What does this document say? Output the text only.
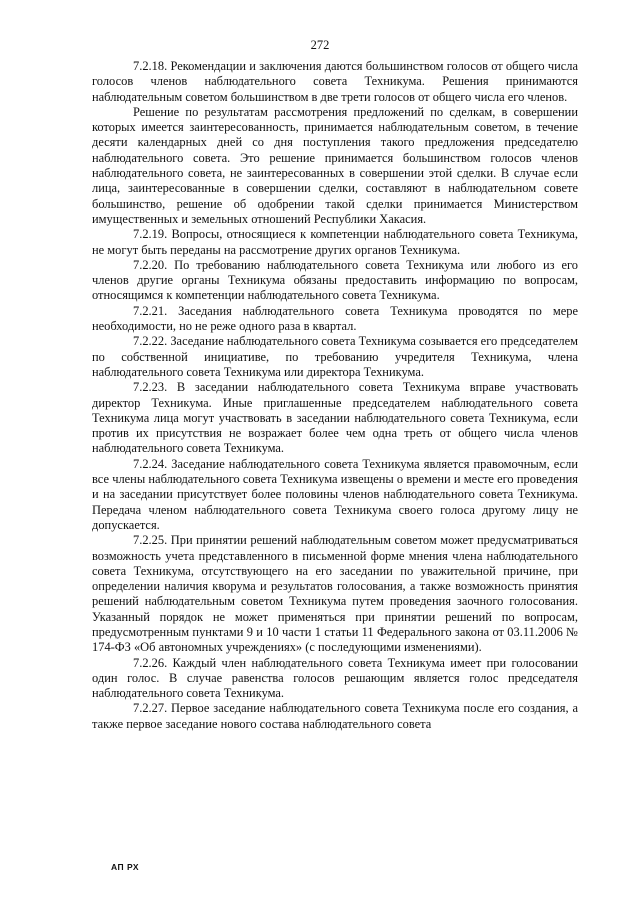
272

7.2.18. Рекомендации и заключения даются большинством голосов от общего числа голосов членов наблюдательного совета Техникума. Решения принимаются наблюдательным советом большинством в две трети голосов от общего числа его членов.

Решение по результатам рассмотрения предложений по сделкам, в совершении которых имеется заинтересованность, принимается наблюдательным советом, в течение десяти календарных дней со дня поступления такого предложения председателю наблюдательного совета. Это решение принимается большинством голосов членов наблюдательного совета, не заинтересованных в совершении этой сделки. В случае если лица, заинтересованные в совершении сделки, составляют в наблюдательном совете большинство, решение об одобрении такой сделки принимается Министерством имущественных и земельных отношений Республики Хакасия.

7.2.19. Вопросы, относящиеся к компетенции наблюдательного совета Техникума, не могут быть переданы на рассмотрение других органов Техникума.

7.2.20. По требованию наблюдательного совета Техникума или любого из его членов другие органы Техникума обязаны предоставить информацию по вопросам, относящимся к компетенции наблюдательного совета Техникума.

7.2.21. Заседания наблюдательного совета Техникума проводятся по мере необходимости, но не реже одного раза в квартал.

7.2.22. Заседание наблюдательного совета Техникума созывается его председателем по собственной инициативе, по требованию учредителя Техникума, члена наблюдательного совета Техникума или директора Техникума.

7.2.23. В заседании наблюдательного совета Техникума вправе участвовать директор Техникума. Иные приглашенные председателем наблюдательного совета Техникума лица могут участвовать в заседании наблюдательного совета Техникума, если против их присутствия не возражает более чем одна треть от общего числа членов наблюдательного совета Техникума.

7.2.24. Заседание наблюдательного совета Техникума является правомочным, если все члены наблюдательного совета Техникума извещены о времени и месте его проведения и на заседании присутствует более половины членов наблюдательного совета Техникума. Передача членом наблюдательного совета Техникума своего голоса другому лицу не допускается.

7.2.25. При принятии решений наблюдательным советом может предусматриваться возможность учета представленного в письменной форме мнения члена наблюдательного совета Техникума, отсутствующего на его заседании по уважительной причине, при определении наличия кворума и результатов голосования, а также возможность принятия решений наблюдательным советом Техникума путем проведения заочного голосования. Указанный порядок не может применяться при принятии решений по вопросам, предусмотренным пунктами 9 и 10 части 1 статьи 11 Федерального закона от 03.11.2006 № 174-ФЗ «Об автономных учреждениях» (с последующими изменениями).

7.2.26. Каждый член наблюдательного совета Техникума имеет при голосовании один голос. В случае равенства голосов решающим является голос председателя наблюдательного совета Техникума.

7.2.27. Первое заседание наблюдательного совета Техникума после его создания, а также первое заседание нового состава наблюдательного совета

АП РХ
